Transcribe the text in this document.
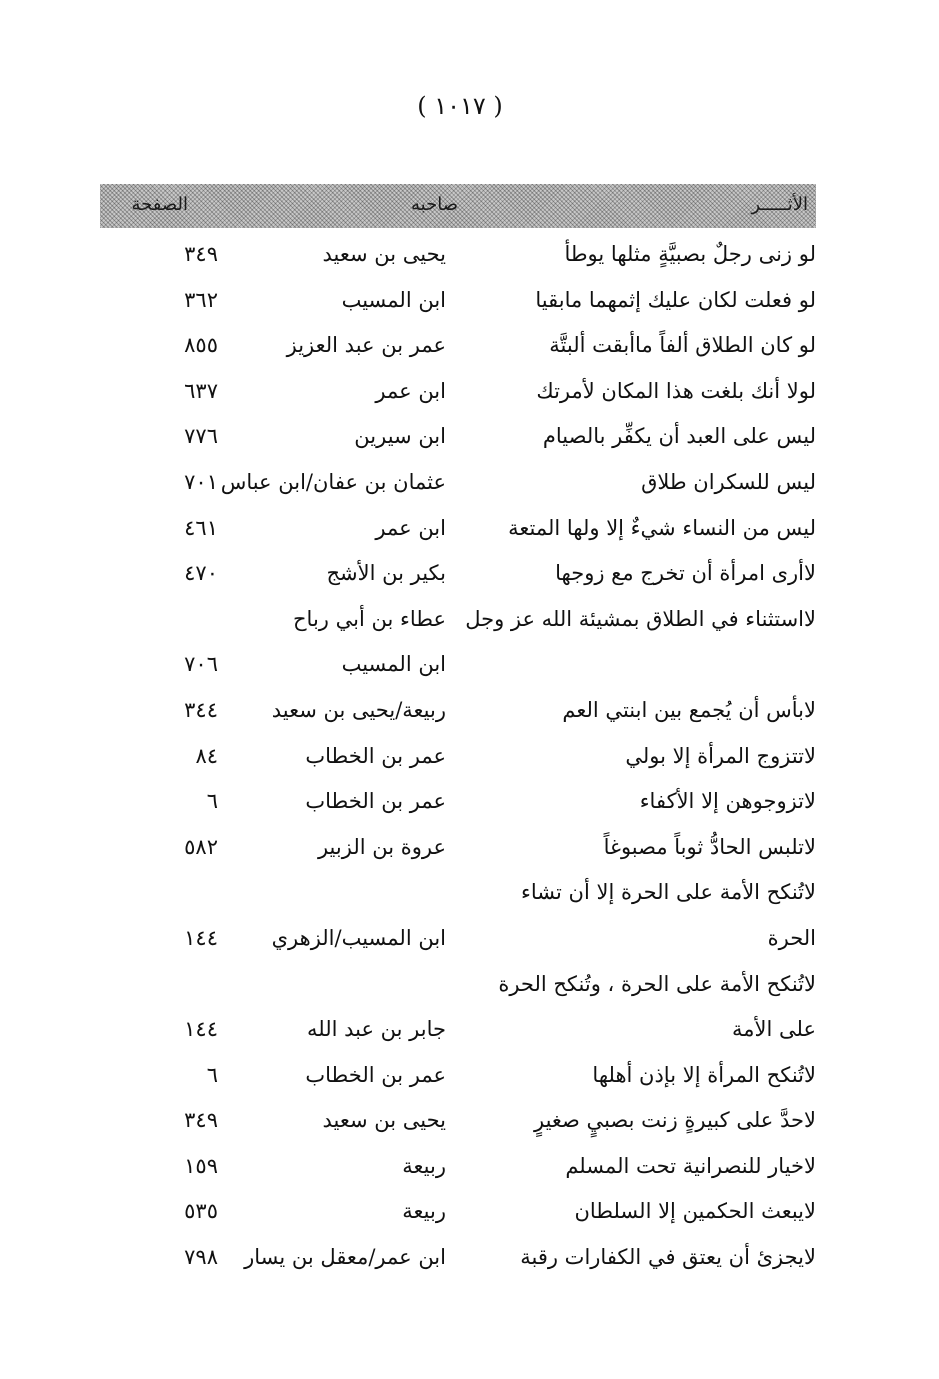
( ١٠١٧ )
الأثـــــر
صاحبه
الصفحة
لو زنى رجلٌ بصبيَّةٍ مثلها يوطأ
يحيى بن سعيد
٣٤٩
لو فعلت لكان عليك إثمهما مابقيا
ابن المسيب
٣٦٢
لو كان الطلاق ألفاً ماأبقت ألبتَّة
عمر بن عبد العزيز
٨٥٥
لولا أنك بلغت هذا المكان لأمرتك
ابن عمر
٦٣٧
ليس على العبد أن يكفِّر بالصيام
ابن سيرين
٧٧٦
ليس للسكران طلاق
عثمان بن عفان/ابن عباس
٧٠١
ليس من النساء شيءٌ إلا ولها المتعة
ابن عمر
٤٦١
لاأرى امرأة أن تخرج مع زوجها
بكير بن الأشج
٤٧٠
لااستثناء في الطلاق بمشيئة الله عز وجل
عطاء بن أبي رباح
ابن المسيب
٧٠٦
لابأس أن يُجمع بين ابنتي العم
ربيعة/يحيى بن سعيد
٣٤٤
لاتتزوج المرأة إلا بولي
عمر بن الخطاب
٨٤
لاتزوجوهن إلا الأكفاء
عمر بن الخطاب
٦
لاتلبس الحادُّ ثوباً مصبوغاً
عروة بن الزبير
٥٨٢
لاتُنكح الأمة على الحرة إلا أن تشاء
الحرة
ابن المسيب/الزهري
١٤٤
لاتُنكح الأمة على الحرة ، وتُنكح الحرة
على الأمة
جابر بن عبد الله
١٤٤
لاتُنكح المرأة إلا بإذن أهلها
عمر بن الخطاب
٦
لاحدَّ على كبيرةٍ زنت بصبيٍ صغيرٍ
يحيى بن سعيد
٣٤٩
لاخيار للنصرانية تحت المسلم
ربيعة
١٥٩
لايبعث الحكمين إلا السلطان
ربيعة
٥٣٥
لايجزئ أن يعتق في الكفارات رقبة
ابن عمر/معقل بن يسار
٧٩٨
